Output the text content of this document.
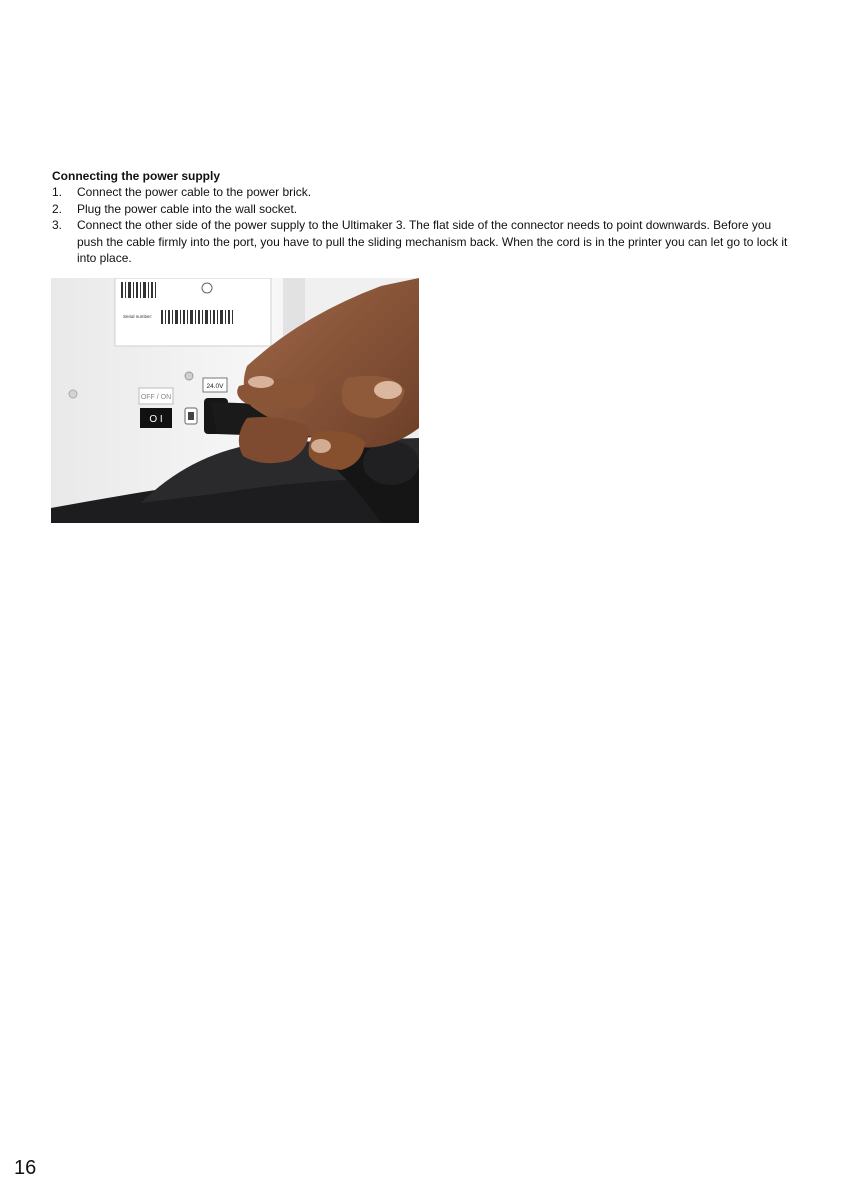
Connecting the power supply

1. Connect the power cable to the power brick.
2. Plug the power cable into the wall socket.
3. Connect the other side of the power supply to the Ultimaker 3. The flat side of the connector needs to point downwards. Before you push the cable firmly into the port, you have to pull the sliding mechanism back. When the cord is in the printer you can let go to lock it into place.
Serial number:
OFF / ON
O I
24.0V
16
